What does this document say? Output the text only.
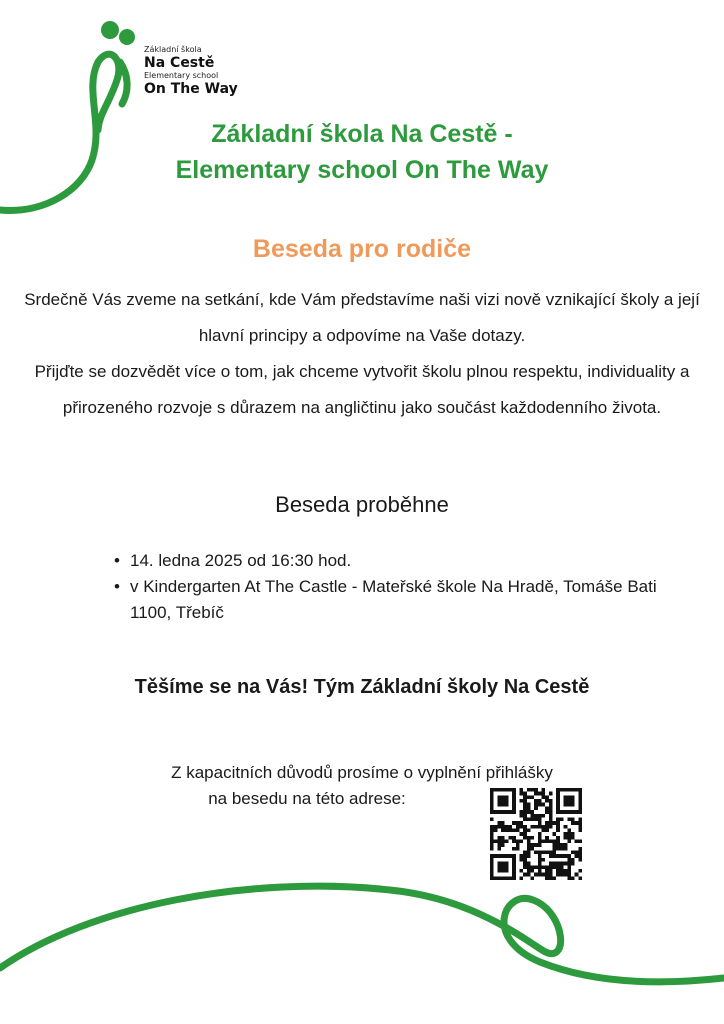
Základní škola
Na Cestě
Elementary school
On The Way
Základní škola Na Cestě -
Elementary school On The Way
Beseda pro rodiče

Srdečně Vás zveme na setkání, kde Vám představíme naši vizi nově vznikající školy a její hlavní principy a odpovíme na Vaše dotazy.

Přijďte se dozvědět více o tom, jak chceme vytvořit školu plnou respektu, individuality a přirozeného rozvoje s důrazem na angličtinu jako součást každodenního života.

Beseda proběhne
• 14. ledna 2025 od 16:30 hod.
• v Kindergarten At The Castle - Mateřské škole Na Hradě, Tomáše Bati 1100, Třebíč
Těšíme se na Vás! Tým Základní školy Na Cestě

Z kapacitních důvodů prosíme o vyplnění přihlášky

na besedu na této adrese:
